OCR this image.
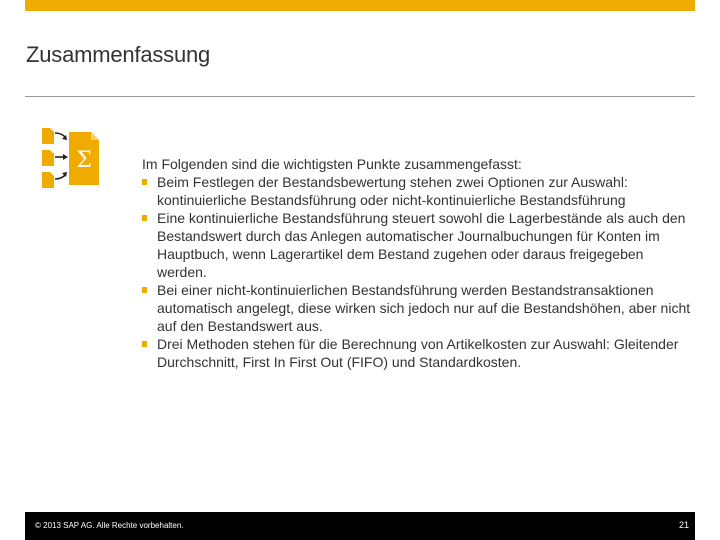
Zusammenfassung
Σ	Im Folgenden sind die wichtigsten Punkte zusammengefasst:

Beim Festlegen der Bestandsbewertung stehen zwei Optionen zur Auswahl: kontinuierliche Bestandsführung oder nicht-kontinuierliche Bestandsführung
Eine kontinuierliche Bestandsführung steuert sowohl die Lagerbestände als auch den Bestandswert durch das Anlegen automatischer Journalbuchungen für Konten im Hauptbuch, wenn Lagerartikel dem Bestand zugehen oder daraus freigegeben werden.
Bei einer nicht-kontinuierlichen Bestandsführung werden Bestandstransaktionen automatisch angelegt, diese wirken sich jedoch nur auf die Bestandshöhen, aber nicht auf den Bestandswert aus.
Drei Methoden stehen für die Berechnung von Artikelkosten zur Auswahl: Gleitender Durchschnitt, First In First Out (FIFO) und Standardkosten.
© 2013 SAP AG. Alle Rechte vorbehalten.	21
